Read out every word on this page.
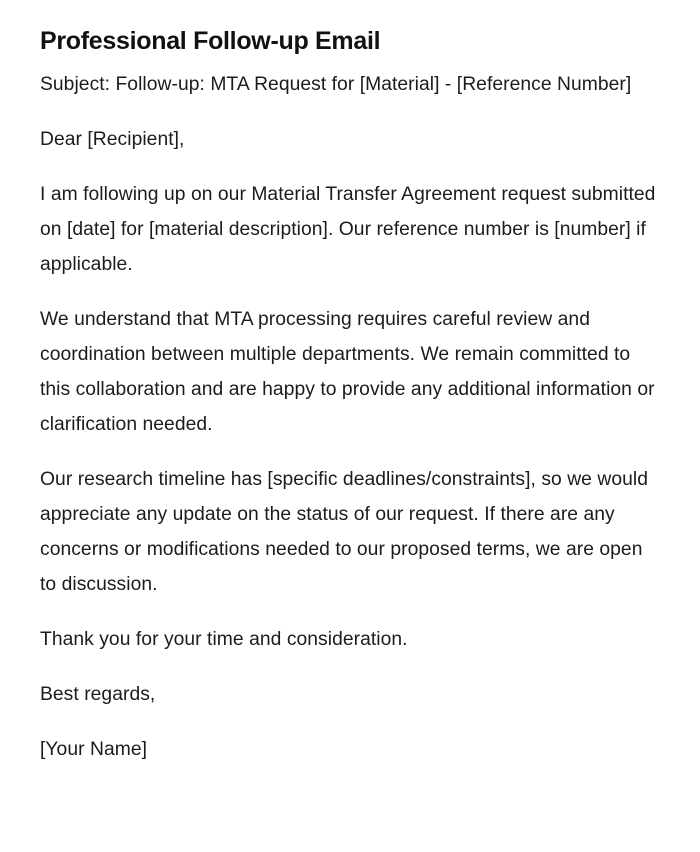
Professional Follow-up Email

Subject: Follow-up: MTA Request for [Material] - [Reference Number]

Dear [Recipient],

I am following up on our Material Transfer Agreement request submitted on [date] for [material description]. Our reference number is [number] if applicable.

We understand that MTA processing requires careful review and coordination between multiple departments. We remain committed to this collaboration and are happy to provide any additional information or clarification needed.

Our research timeline has [specific deadlines/constraints], so we would appreciate any update on the status of our request. If there are any concerns or modifications needed to our proposed terms, we are open to discussion.

Thank you for your time and consideration.

Best regards,

[Your Name]
